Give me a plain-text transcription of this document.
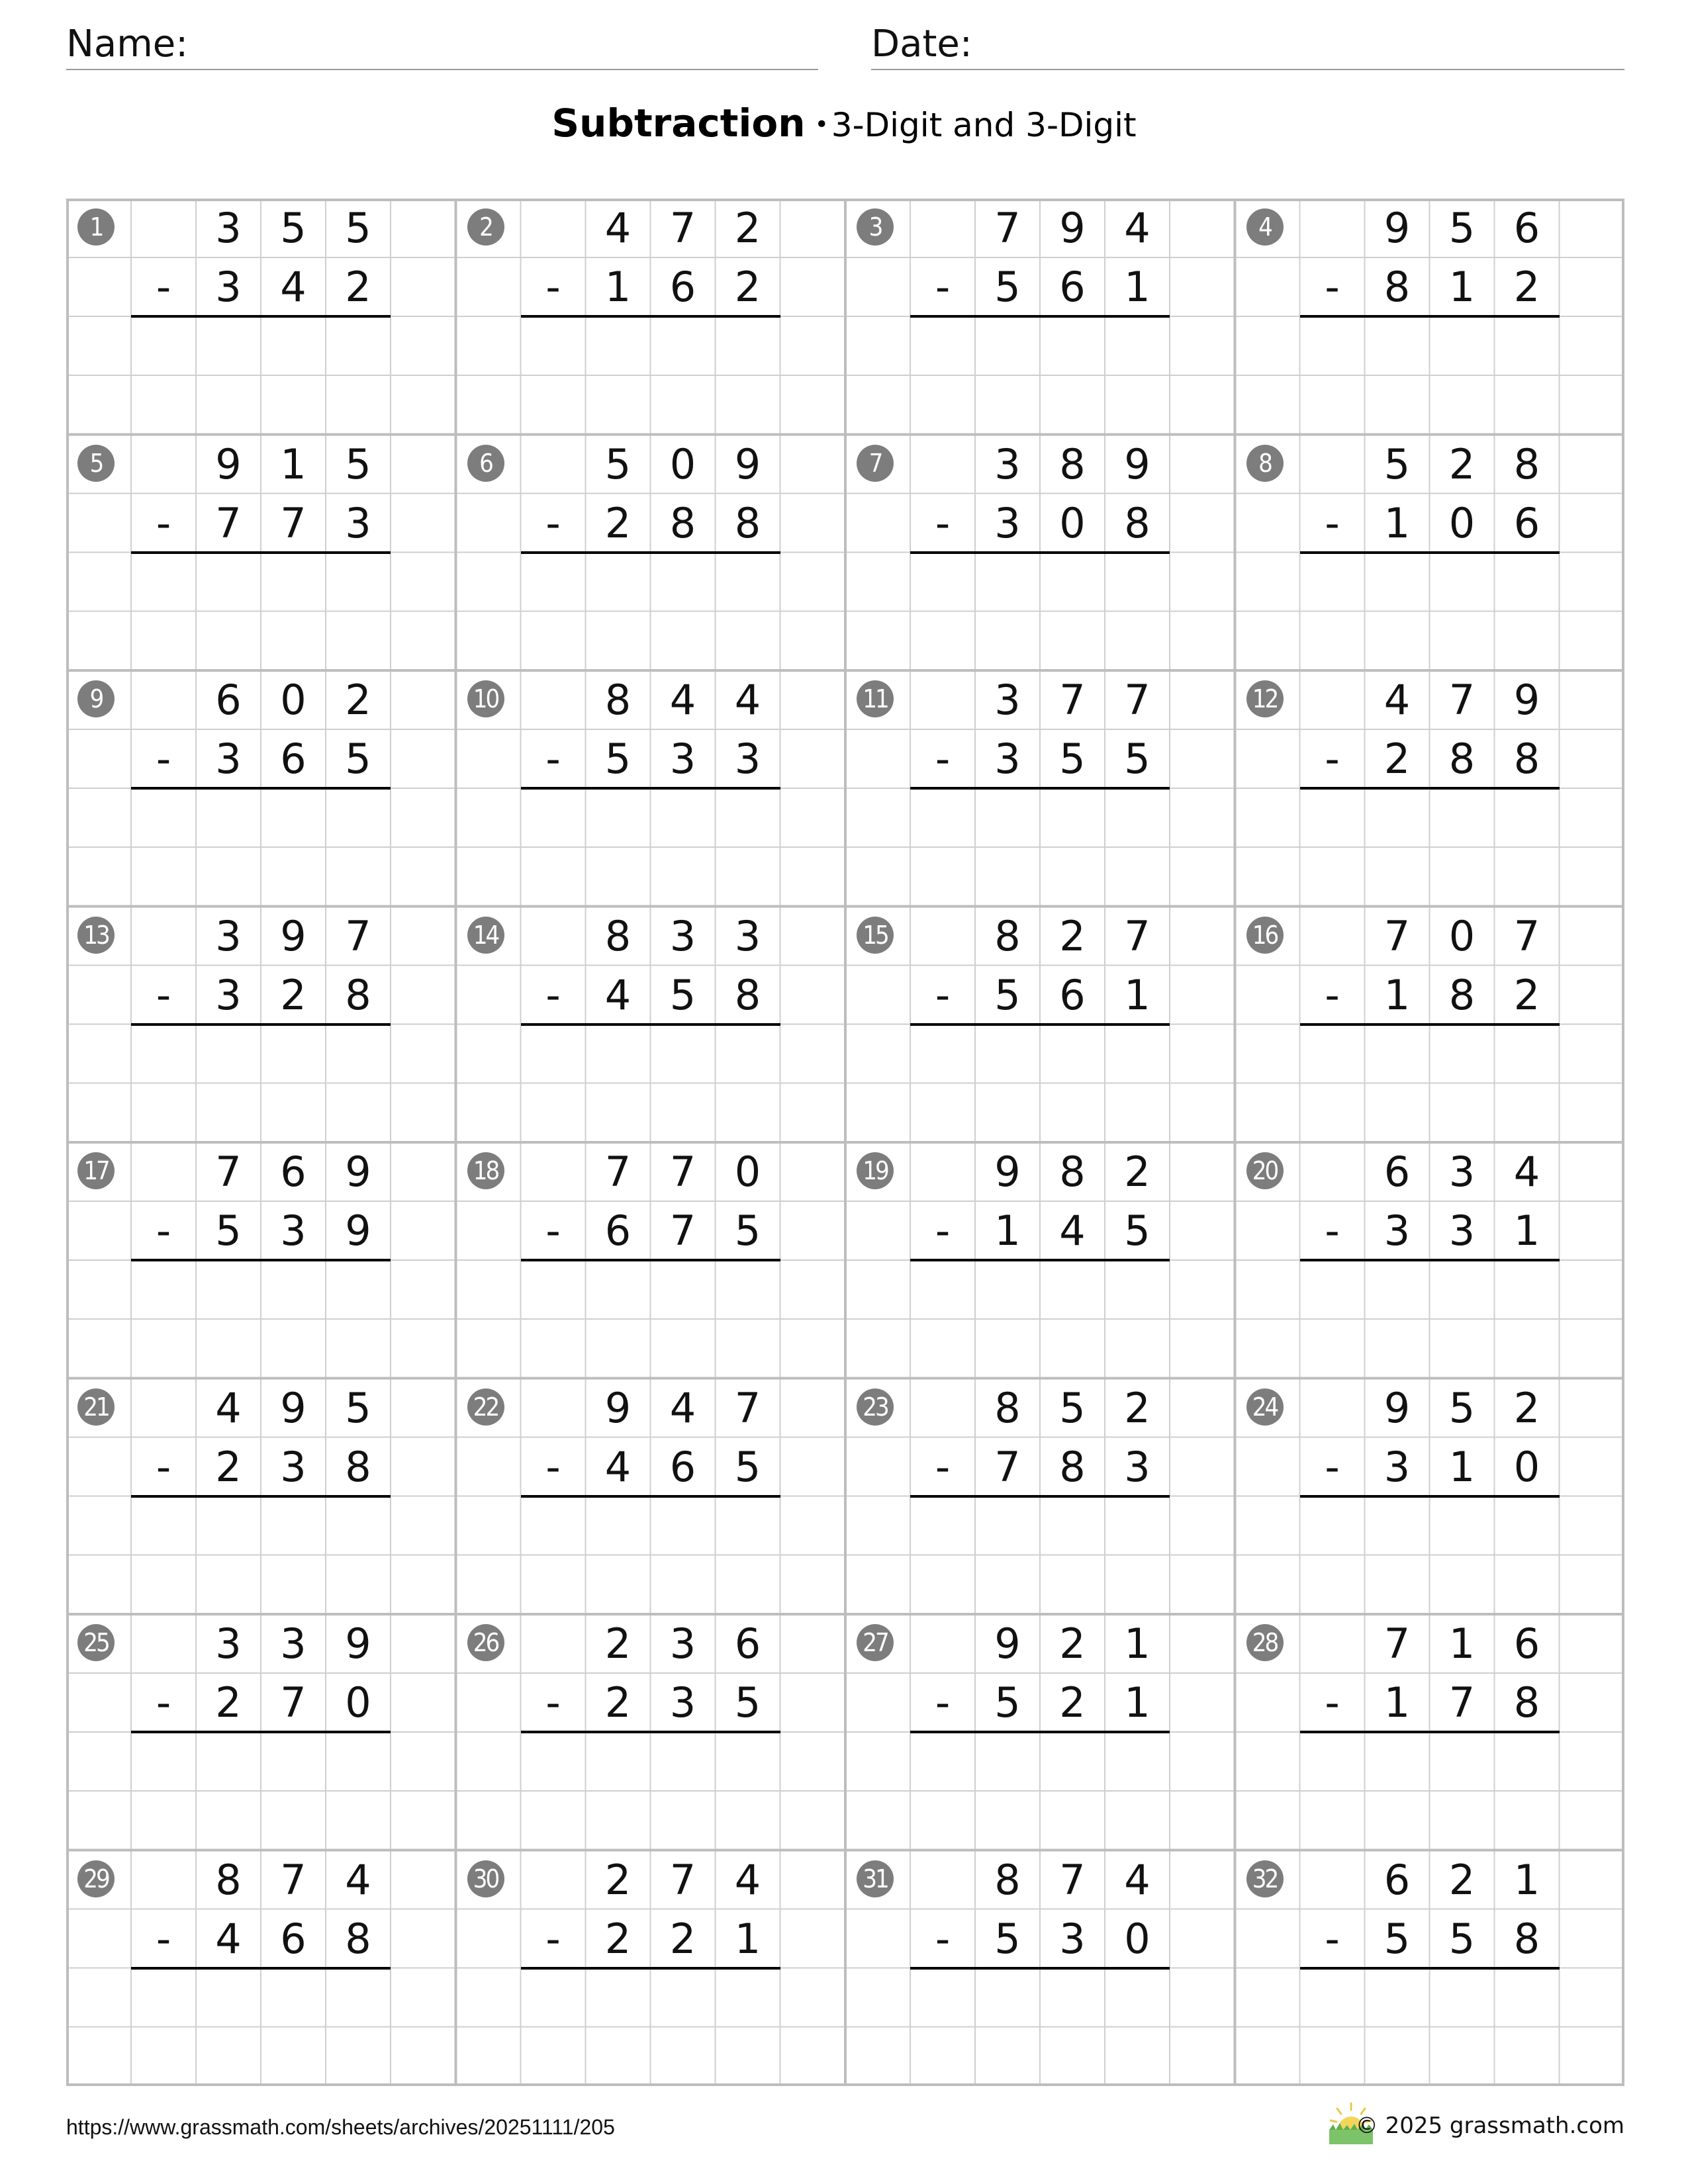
Name:	Date:
Subtraction •3-Digit and 3-Digit
1	3 5 5
-	3 4 2
2	4 7 2
-	1 6 2
3	7 9 4
-	5 6 1
4	9 5 6
-	8 1 2
5	9 1 5
-	7 7 3
6	5 0 9
-	2 8 8
7	3 8 9
-	3 0 8
8	5 2 8
-	1 0 6
9	6 0 2
-	3 6 5
10	8 4 4
-	5 3 3
11	3 7 7
-	3 5 5
12	4 7 9
-	2 8 8
13	3 9 7
-	3 2 8
14	8 3 3
-	4 5 8
15	8 2 7
-	5 6 1
16	7 0 7
-	1 8 2
17	7 6 9
-	5 3 9
18	7 7 0
-	6 7 5
19	9 8 2
-	1 4 5
20	6 3 4
-	3 3 1
21	4 9 5
-	2 3 8
22	9 4 7
-	4 6 5
23	8 5 2
-	7 8 3
24	9 5 2
-	3 1 0
25	3 3 9
-	2 7 0
26	2 3 6
-	2 3 5
27	9 2 1
-	5 2 1
28	7 1 6
-	1 7 8
29	8 7 4
-	4 6 8
30	2 7 4
-	2 2 1
31	8 7 4
-	5 3 0
32	6 2 1
-	5 5 8
https://www.grassmath.com/sheets/archives/20251111/205	© 2025 grassmath.com
